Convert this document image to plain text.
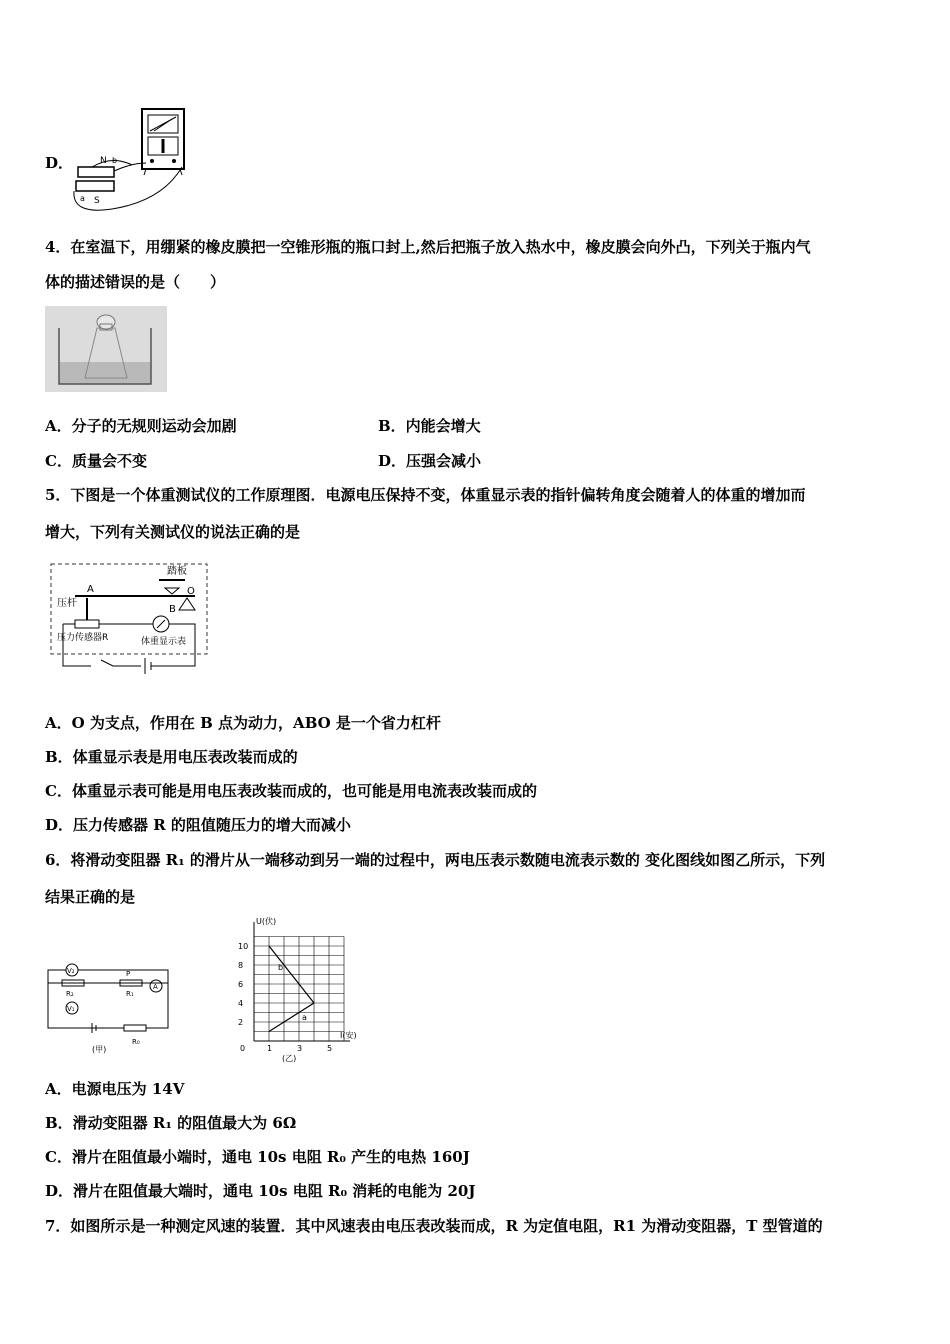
D．	N
S
a
b
4．在室温下，用绷紧的橡皮膜把一空锥形瓶的瓶口封上,然后把瓶子放入热水中，橡皮膜会向外凸，下列关于瓶内气
体的描述错误的是（　　）
A．分子的无规则运动会加剧	B．内能会增大
C．质量会不变	D．压强会减小
5．下图是一个体重测试仪的工作原理图．电源电压保持不变，体重显示表的指针偏转角度会随着人的体重的增加而
增大，下列有关测试仪的说法正确的是
踏板
O
A
B
压杆
压力传感器R	体重显示表
A．O 为支点，作用在 B 点为动力，ABO 是一个省力杠杆
B．体重显示表是用电压表改装而成的
C．体重显示表可能是用电压表改装而成的，也可能是用电流表改装而成的
D．压力传感器 R 的阻值随压力的增大而减小
6．将滑动变阻器 R₁ 的滑片从一端移动到另一端的过程中，两电压表示数随电流表示数的 变化图线如图乙所示，下列
结果正确的是
V₂
R₂
P
R₁
A
V₁
R₀
(甲)
U(伏)
I(安)
0
2
4
6
8
10
1	3	5
b
a
(乙)
A．电源电压为 14V
B．滑动变阻器 R₁ 的阻值最大为 6Ω
C．滑片在阻值最小端时，通电 10s 电阻 R₀ 产生的电热 160J
D．滑片在阻值最大端时，通电 10s 电阻 R₀ 消耗的电能为 20J
7．如图所示是一种测定风速的装置．其中风速表由电压表改装而成，R 为定值电阻，R1 为滑动变阻器，T 型管道的
